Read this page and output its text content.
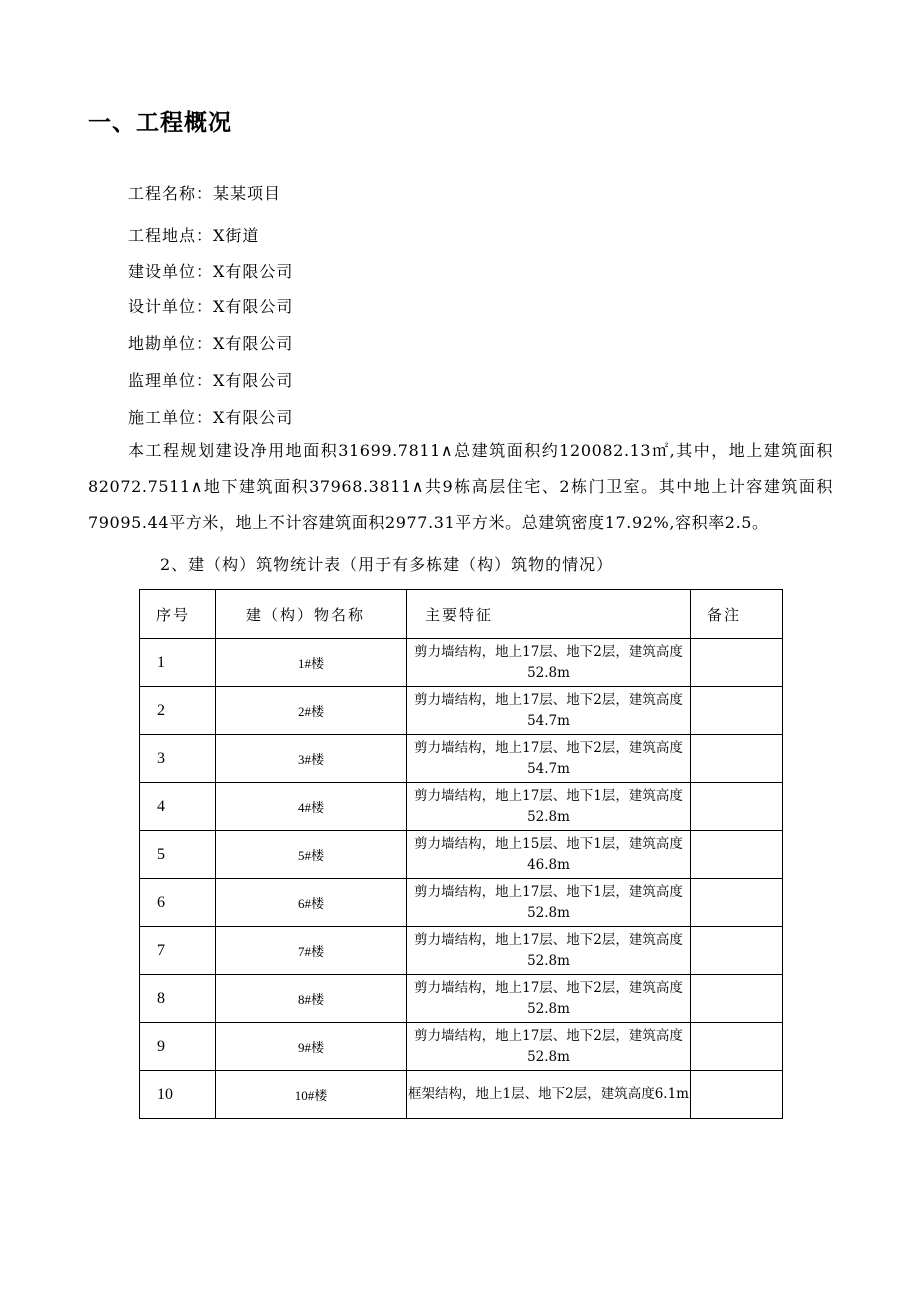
一、工程概况
工程名称：某某项目
工程地点：X街道
建设单位：X有限公司
设计单位：X有限公司
地勘单位：X有限公司
监理单位：X有限公司
施工单位：X有限公司

本工程规划建设净用地面积31699.7811∧总建筑面积约120082.13㎡,其中，地上建筑面积82072.7511∧地下建筑面积37968.3811∧共9栋高层住宅、2栋门卫室。其中地上计容建筑面积79095.44平方米，地上不计容建筑面积2977.31平方米。总建筑密度17.92%,容积率2.5。

2、建（构）筑物统计表（用于有多栋建（构）筑物的情况）
序号	建（构）物名称	主要特征	备注
1	1#楼	剪力墙结构，地上17层、地下2层，建筑高度52.8m	
2	2#楼	剪力墙结构，地上17层、地下2层，建筑高度54.7m	
3	3#楼	剪力墙结构，地上17层、地下2层，建筑高度54.7m	
4	4#楼	剪力墙结构，地上17层、地下1层，建筑高度52.8m	
5	5#楼	剪力墙结构，地上15层、地下1层，建筑高度46.8m	
6	6#楼	剪力墙结构，地上17层、地下1层，建筑高度52.8m	
7	7#楼	剪力墙结构，地上17层、地下2层，建筑高度52.8m	
8	8#楼	剪力墙结构，地上17层、地下2层，建筑高度52.8m	
9	9#楼	剪力墙结构，地上17层、地下2层，建筑高度52.8m	
10	10#楼	框架结构，地上1层、地下2层，建筑高度6.1m	
